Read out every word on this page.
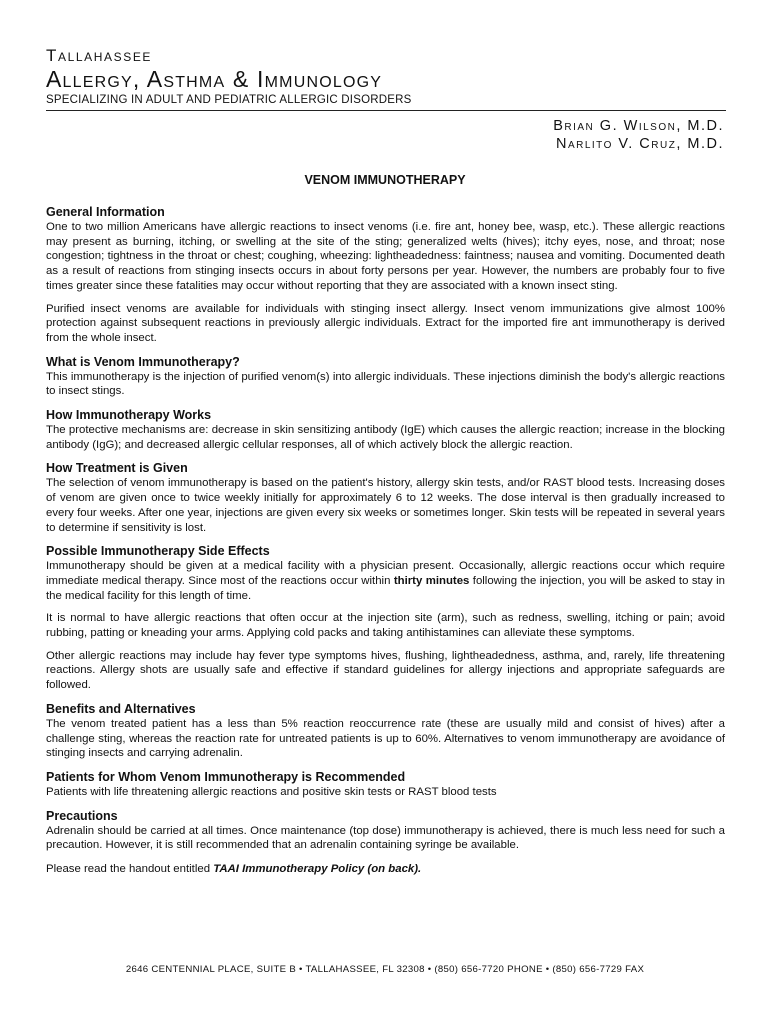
Tallahassee
Allergy, Asthma & Immunology
SPECIALIZING IN ADULT AND PEDIATRIC ALLERGIC DISORDERS
Brian G. Wilson, M.D.
Narlito V. Cruz, M.D.
VENOM IMMUNOTHERAPY
General Information

One to two million Americans have allergic reactions to insect venoms (i.e. fire ant, honey bee, wasp, etc.). These allergic reactions may present as burning, itching, or swelling at the site of the sting; generalized welts (hives); itchy eyes, nose, and throat; nose congestion; tightness in the throat or chest; coughing, wheezing: lightheadedness: faintness; nausea and vomiting. Documented death as a result of reactions from stinging insects occurs in about forty persons per year. However, the numbers are probably four to five times greater since these fatalities may occur without reporting that they are associated with a known insect sting.

Purified insect venoms are available for individuals with stinging insect allergy. Insect venom immunizations give almost 100% protection against subsequent reactions in previously allergic individuals. Extract for the imported fire ant immunotherapy is derived from the whole insect.

What is Venom Immunotherapy?

This immunotherapy is the injection of purified venom(s) into allergic individuals. These injections diminish the body's allergic reactions to insect stings.

How Immunotherapy Works

The protective mechanisms are: decrease in skin sensitizing antibody (IgE) which causes the allergic reaction; increase in the blocking antibody (IgG); and decreased allergic cellular responses, all of which actively block the allergic reaction.

How Treatment is Given

The selection of venom immunotherapy is based on the patient's history, allergy skin tests, and/or RAST blood tests. Increasing doses of venom are given once to twice weekly initially for approximately 6 to 12 weeks. The dose interval is then gradually increased to every four weeks. After one year, injections are given every six weeks or sometimes longer. Skin tests will be repeated in several years to determine if sensitivity is lost.

Possible Immunotherapy Side Effects

Immunotherapy should be given at a medical facility with a physician present. Occasionally, allergic reactions occur which require immediate medical therapy. Since most of the reactions occur within thirty minutes following the injection, you will be asked to stay in the medical facility for this length of time.

It is normal to have allergic reactions that often occur at the injection site (arm), such as redness, swelling, itching or pain; avoid rubbing, patting or kneading your arms. Applying cold packs and taking antihistamines can alleviate these symptoms.

Other allergic reactions may include hay fever type symptoms hives, flushing, lightheadedness, asthma, and, rarely, life threatening reactions. Allergy shots are usually safe and effective if standard guidelines for allergy injections and appropriate safeguards are followed.

Benefits and Alternatives

The venom treated patient has a less than 5% reaction reoccurrence rate (these are usually mild and consist of hives) after a challenge sting, whereas the reaction rate for untreated patients is up to 60%. Alternatives to venom immunotherapy are avoidance of stinging insects and carrying adrenalin.

Patients for Whom Venom Immunotherapy is Recommended

Patients with life threatening allergic reactions and positive skin tests or RAST blood tests

Precautions

Adrenalin should be carried at all times. Once maintenance (top dose) immunotherapy is achieved, there is much less need for such a precaution. However, it is still recommended that an adrenalin containing syringe be available.

Please read the handout entitled TAAI Immunotherapy Policy (on back).

2646 CENTENNIAL PLACE, SUITE B • TALLAHASSEE, FL 32308 • (850) 656-7720 PHONE • (850) 656-7729 FAX
